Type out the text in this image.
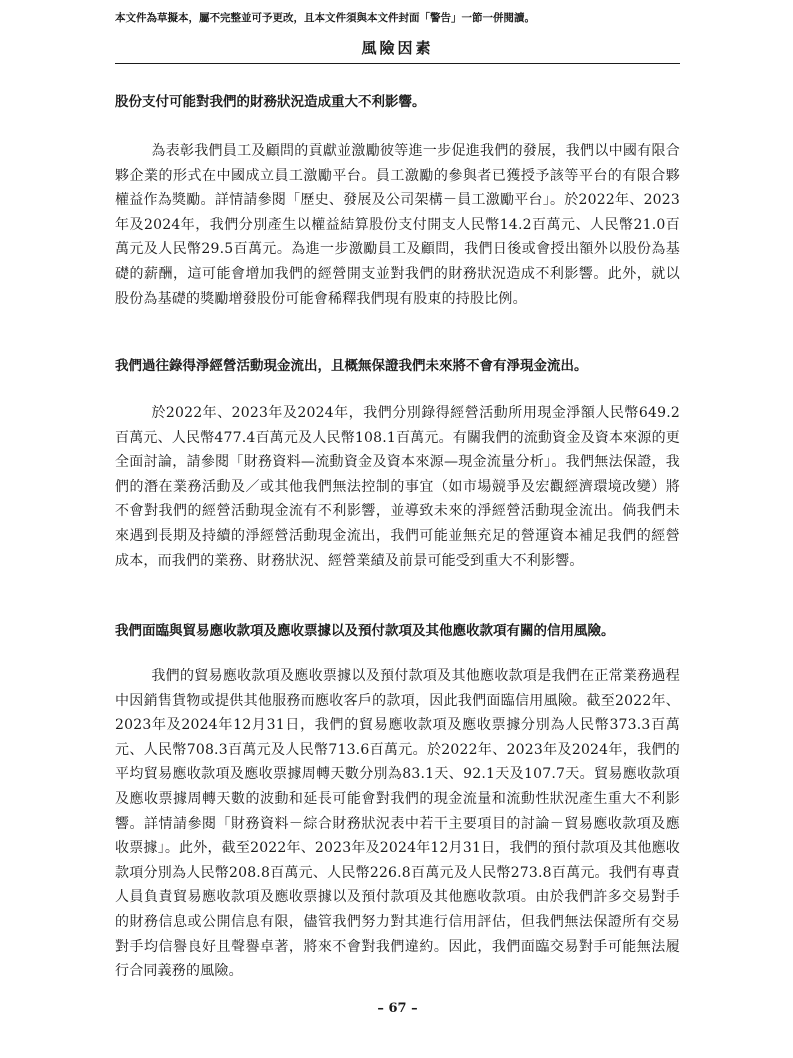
本文件為草擬本，屬不完整並可予更改，且本文件須與本文件封面「警告」一節一併閱讀。
風險因素
股份支付可能對我們的財務狀況造成重大不利影響。
為表彰我們員工及顧問的貢獻並激勵彼等進一步促進我們的發展，我們以中國有限合夥企業的形式在中國成立員工激勵平台。員工激勵的參與者已獲授予該等平台的有限合夥權益作為獎勵。詳情請參閱「歷史、發展及公司架構－員工激勵平台」。於2022年、2023年及2024年，我們分別產生以權益結算股份支付開支人民幣14.2百萬元、人民幣21.0百萬元及人民幣29.5百萬元。為進一步激勵員工及顧問，我們日後或會授出額外以股份為基礎的薪酬，這可能會增加我們的經營開支並對我們的財務狀況造成不利影響。此外，就以股份為基礎的獎勵增發股份可能會稀釋我們現有股東的持股比例。
我們過往錄得淨經營活動現金流出，且概無保證我們未來將不會有淨現金流出。
於2022年、2023年及2024年，我們分別錄得經營活動所用現金淨額人民幣649.2百萬元、人民幣477.4百萬元及人民幣108.1百萬元。有關我們的流動資金及資本來源的更全面討論，請參閱「財務資料—流動資金及資本來源—現金流量分析」。我們無法保證，我們的潛在業務活動及／或其他我們無法控制的事宜（如市場競爭及宏觀經濟環境改變）將不會對我們的經營活動現金流有不利影響，並導致未來的淨經營活動現金流出。倘我們未來遇到長期及持續的淨經營活動現金流出，我們可能並無充足的營運資本補足我們的經營成本，而我們的業務、財務狀況、經營業績及前景可能受到重大不利影響。
我們面臨與貿易應收款項及應收票據以及預付款項及其他應收款項有關的信用風險。
我們的貿易應收款項及應收票據以及預付款項及其他應收款項是我們在正常業務過程中因銷售貨物或提供其他服務而應收客戶的款項，因此我們面臨信用風險。截至2022年、2023年及2024年12月31日，我們的貿易應收款項及應收票據分別為人民幣373.3百萬元、人民幣708.3百萬元及人民幣713.6百萬元。於2022年、2023年及2024年，我們的平均貿易應收款項及應收票據周轉天數分別為83.1天、92.1天及107.7天。貿易應收款項及應收票據周轉天數的波動和延長可能會對我們的現金流量和流動性狀況產生重大不利影響。詳情請參閱「財務資料－綜合財務狀況表中若干主要項目的討論－貿易應收款項及應收票據」。此外，截至2022年、2023年及2024年12月31日，我們的預付款項及其他應收款項分別為人民幣208.8百萬元、人民幣226.8百萬元及人民幣273.8百萬元。我們有專責人員負責貿易應收款項及應收票據以及預付款項及其他應收款項。由於我們許多交易對手的財務信息或公開信息有限，儘管我們努力對其進行信用評估，但我們無法保證所有交易對手均信譽良好且聲譽卓著，將來不會對我們違約。因此，我們面臨交易對手可能無法履行合同義務的風險。
– 67 –
